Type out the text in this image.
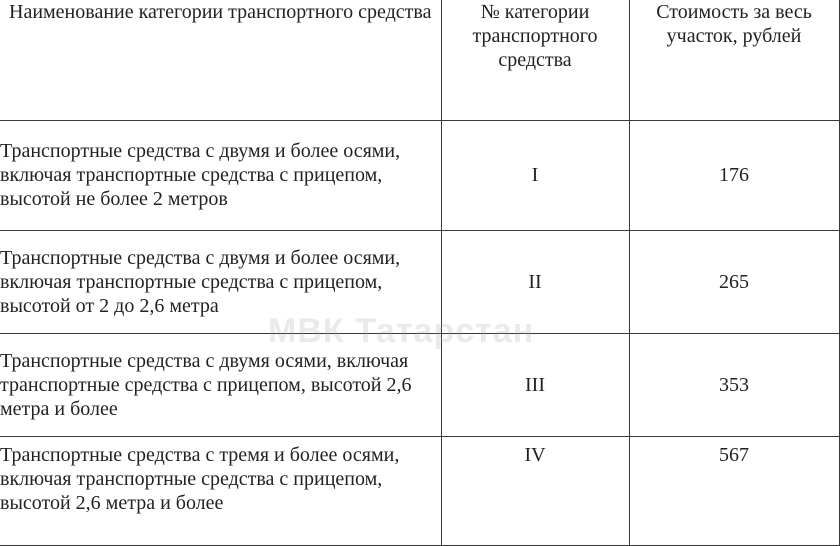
Наименование категории транспортного средства	№ категории транспортного средства	Стоимость за весь участок, рублей
Транспортные средства с двумя и более осями, включая транспортные средства с прицепом, высотой не более 2 метров	I	176
Транспортные средства с двумя и более осями, включая транспортные средства с прицепом, высотой от 2 до 2,6 метра	II	265
Транспортные средства с двумя осями, включая транспортные средства с прицепом, высотой 2,6 метра и более	III	353
Транспортные средства с тремя и более осями, включая транспортные средства с прицепом, высотой 2,6 метра и более	IV	567
МВК Татарстан
